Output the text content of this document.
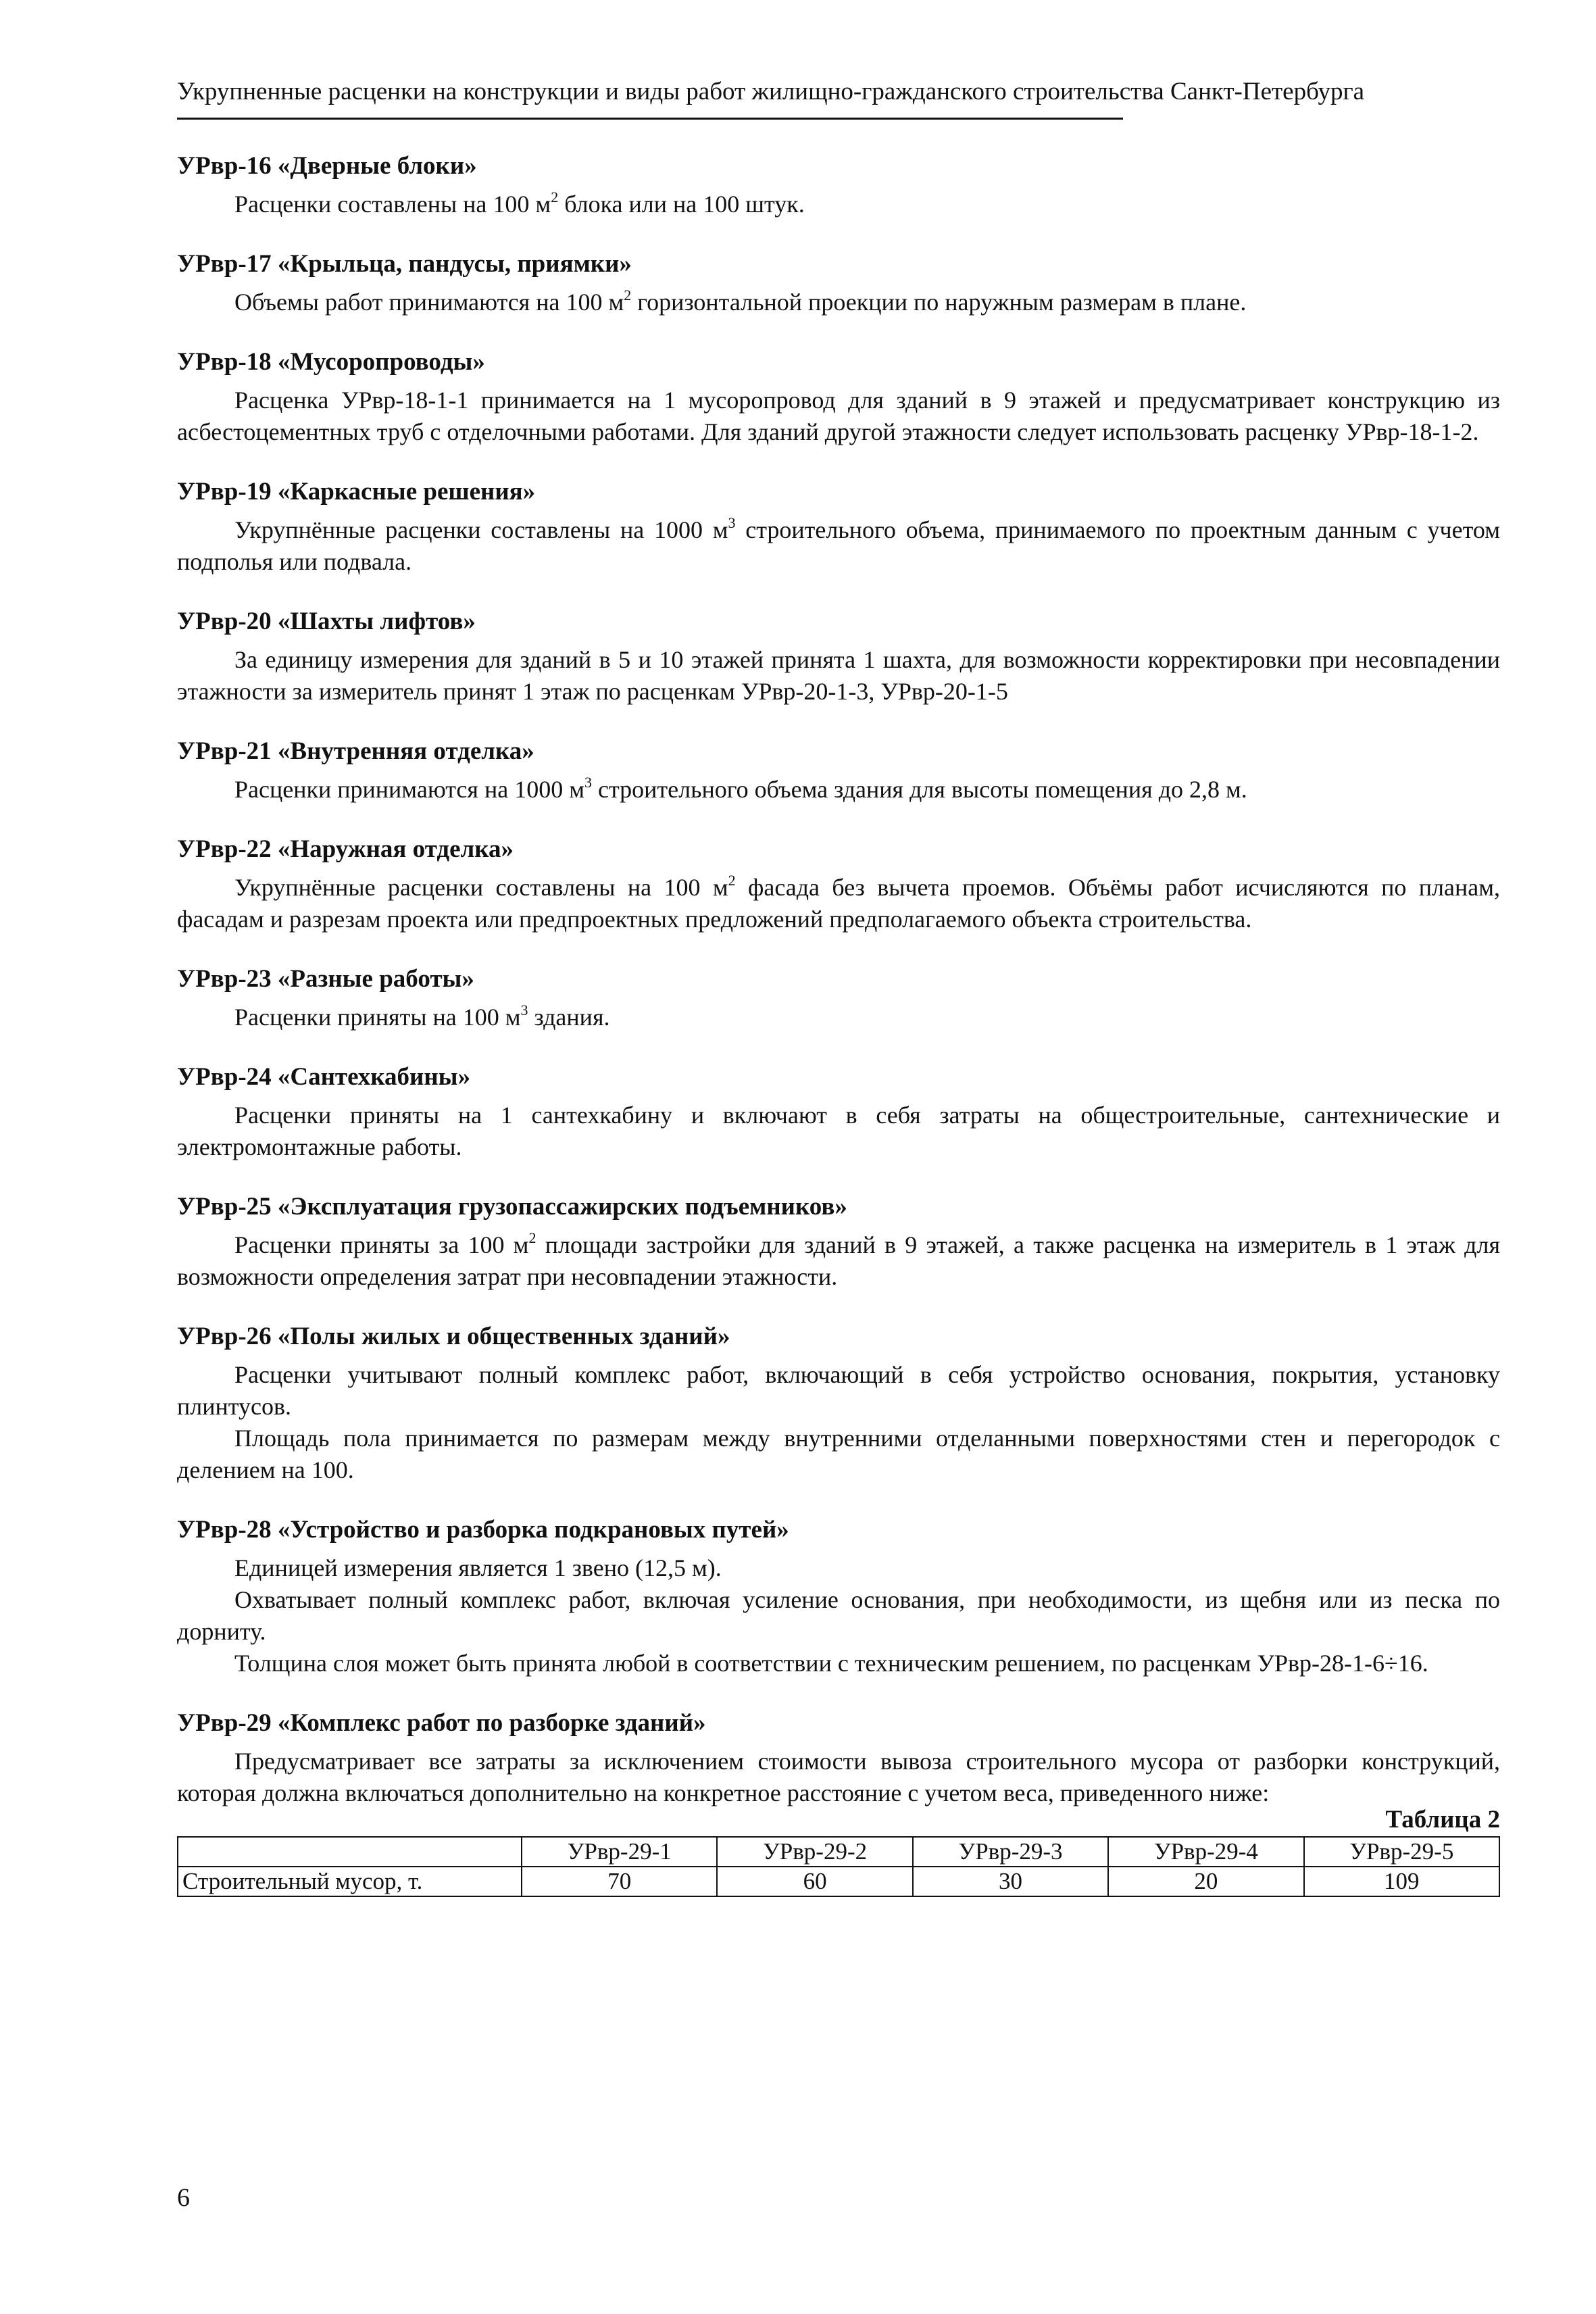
Укрупненные расценки на конструкции и виды работ жилищно-гражданского строительства Санкт-Петербурга
УРвр-16 «Дверные блоки»

Расценки составлены на 100 $м^2$ блока или на 100 штук.

УРвр-17 «Крыльца, пандусы, приямки»

Объемы работ принимаются на 100 $м^2$ горизонтальной проекции по наружным размерам в плане.

УРвр-18 «Мусоропроводы»

Расценка УРвр-18-1-1 принимается на 1 мусоропровод для зданий в 9 этажей и предусматривает конструкцию из асбестоцементных труб с отделочными работами. Для зданий другой этажности следует использовать расценку УРвр-18-1-2.

УРвр-19 «Каркасные решения»

Укрупнённые расценки составлены на 1000 $м^3$ строительного объема, принимаемого по проектным данным с учетом подполья или подвала.

УРвр-20 «Шахты лифтов»

За единицу измерения для зданий в 5 и 10 этажей принята 1 шахта, для возможности корректировки при несовпадении этажности за измеритель принят 1 этаж по расценкам УРвр-20-1-3, УРвр-20-1-5

УРвр-21 «Внутренняя отделка»

Расценки принимаются на 1000 $м^3$ строительного объема здания для высоты помещения до 2,8 м.

УРвр-22 «Наружная отделка»

Укрупнённые расценки составлены на 100 $м^2$ фасада без вычета проемов. Объёмы работ исчисляются по планам, фасадам и разрезам проекта или предпроектных предложений предполагаемого объекта строительства.

УРвр-23 «Разные работы»

Расценки приняты на 100 $м^3$ здания.

УРвр-24 «Сантехкабины»

Расценки приняты на 1 сантехкабину и включают в себя затраты на общестроительные, сантехнические и электромонтажные работы.

УРвр-25 «Эксплуатация грузопассажирских подъемников»

Расценки приняты за 100 $м^2$ площади застройки для зданий в 9 этажей, а также расценка на измеритель в 1 этаж для возможности определения затрат при несовпадении этажности.

УРвр-26 «Полы жилых и общественных зданий»

Расценки учитывают полный комплекс работ, включающий в себя устройство основания, покрытия, установку плинтусов.

Площадь пола принимается по размерам между внутренними отделанными поверхностями стен и перегородок с делением на 100.

УРвр-28 «Устройство и разборка подкрановых путей»

Единицей измерения является 1 звено (12,5 м).

Охватывает полный комплекс работ, включая усиление основания, при необходимости, из щебня или из песка по дорниту.

Толщина слоя может быть принята любой в соответствии с техническим решением, по расценкам УРвр-28-1-6÷16.

УРвр-29 «Комплекс работ по разборке зданий»

Предусматривает все затраты за исключением стоимости вывоза строительного мусора от разборки конструкций, которая должна включаться дополнительно на конкретное расстояние с учетом веса, приведенного ниже:

Таблица 2
	УРвр-29-1	УРвр-29-2	УРвр-29-3	УРвр-29-4	УРвр-29-5
Строительный мусор, т.	70	60	30	20	109
6
